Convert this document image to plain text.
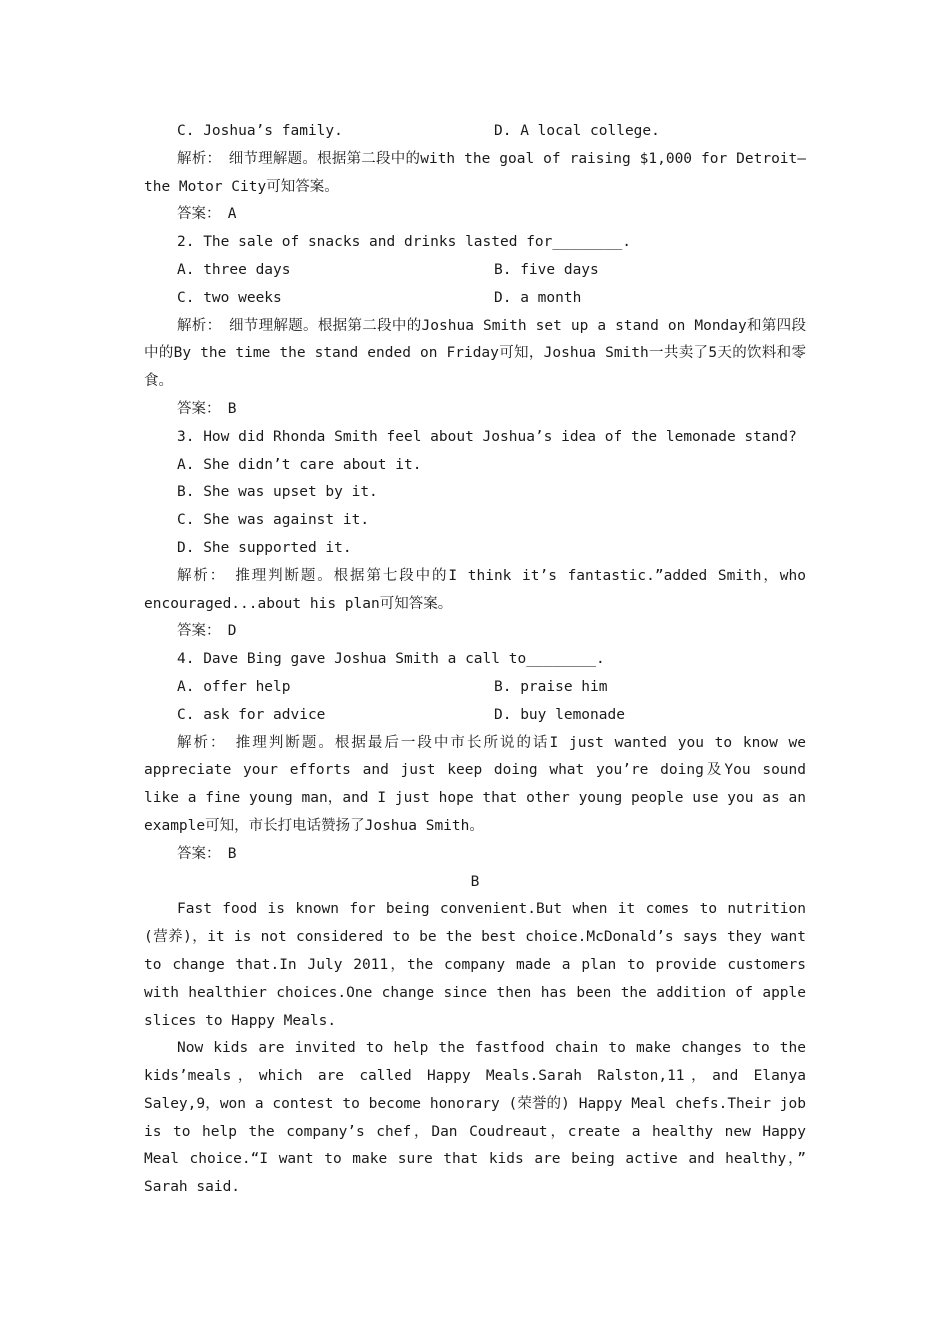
C. Joshua’s family.	D. A local college.
解析：　细节理解题。根据第二段中的with the goal of raising $1,000 for Detroit—the Motor City可知答案。
答案：　A
2. The sale of snacks and drinks lasted for________.
A. three days	B. five days
C. two weeks	D. a month
解析：　细节理解题。根据第二段中的Joshua Smith set up a stand on Monday和第四段中的By the time the stand ended on Friday可知，Joshua Smith一共卖了5天的饮料和零食。
答案：　B
3. How did Rhonda Smith feel about Joshua’s idea of the lemonade stand?
A. She didn’t care about it.
B. She was upset by it.
C. She was against it.
D. She supported it.
解析：　推理判断题。根据第七段中的I think it’s fantastic.”added Smith，who encouraged...about his plan可知答案。
答案：　D
4. Dave Bing gave Joshua Smith a call to________.
A. offer help	B. praise him
C. ask for advice	D. buy lemonade
解析：　推理判断题。根据最后一段中市长所说的话I just wanted you to know we appreciate your efforts and just keep doing what you’re doing及You sound like a fine young man，and I just hope that other young people use you as an example可知，市长打电话赞扬了Joshua Smith。
答案：　B
B
Fast food is known for being convenient.But when it comes to nutrition (营养)，it is not considered to be the best choice.McDonald’s says they want to change that.In July 2011，the company made a plan to provide customers with healthier choices.One change since then has been the addition of apple slices to Happy Meals.
Now kids are invited to help the fastfood chain to make changes to the kids’meals，which are called Happy Meals.Sarah Ralston,11，and Elanya Saley,9，won a contest to become honorary (荣誉的) Happy Meal chefs.Their job is to help the company’s chef，Dan Coudreaut，create a healthy new Happy Meal choice.“I want to make sure that kids are being active and healthy，” Sarah said.
